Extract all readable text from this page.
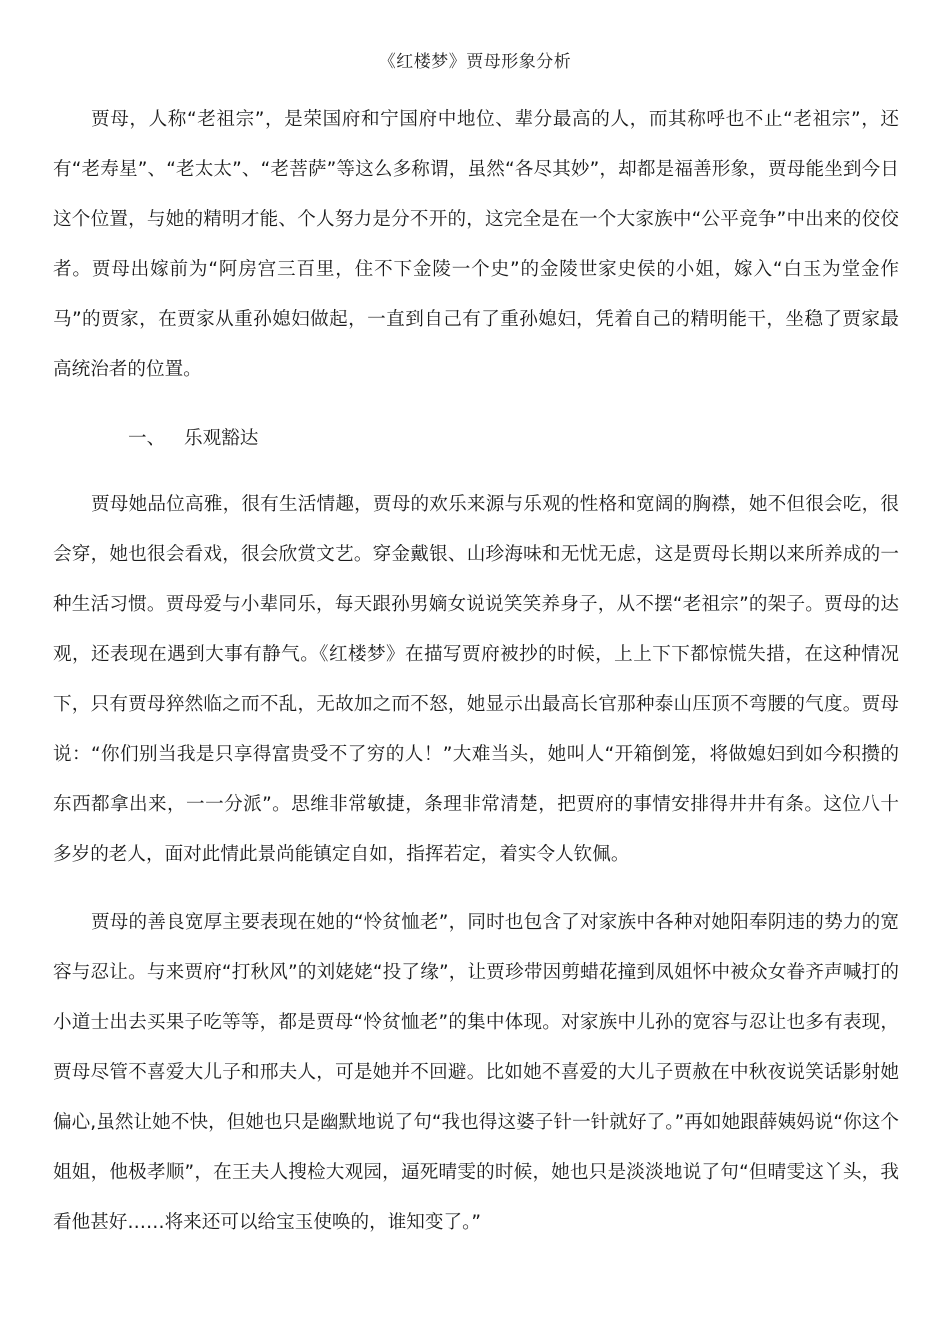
《红楼梦》贾母形象分析

贾母，人称“老祖宗”，是荣国府和宁国府中地位、辈分最高的人，而其称呼也不止“老祖宗”，还有“老寿星”、“老太太”、“老菩萨”等这么多称谓，虽然“各尽其妙”，却都是福善形象，贾母能坐到今日这个位置，与她的精明才能、个人努力是分不开的，这完全是在一个大家族中“公平竞争”中出来的佼佼者。贾母出嫁前为“阿房宫三百里，住不下金陵一个史”的金陵世家史侯的小姐，嫁入“白玉为堂金作马”的贾家，在贾家从重孙媳妇做起，一直到自己有了重孙媳妇，凭着自己的精明能干，坐稳了贾家最高统治者的位置。

一、 乐观豁达

贾母她品位高雅，很有生活情趣，贾母的欢乐来源与乐观的性格和宽阔的胸襟，她不但很会吃，很会穿，她也很会看戏，很会欣赏文艺。穿金戴银、山珍海味和无忧无虑，这是贾母长期以来所养成的一种生活习惯。贾母爱与小辈同乐，每天跟孙男嫡女说说笑笑养身子，从不摆“老祖宗”的架子。贾母的达观，还表现在遇到大事有静气。《红楼梦》在描写贾府被抄的时候，上上下下都惊慌失措，在这种情况下，只有贾母猝然临之而不乱，无故加之而不怒，她显示出最高长官那种泰山压顶不弯腰的气度。贾母说：“你们别当我是只享得富贵受不了穷的人！”大难当头，她叫人“开箱倒笼，将做媳妇到如今积攒的东西都拿出来，一一分派”。思维非常敏捷，条理非常清楚，把贾府的事情安排得井井有条。这位八十多岁的老人，面对此情此景尚能镇定自如，指挥若定，着实令人钦佩。

贾母的善良宽厚主要表现在她的“怜贫恤老”，同时也包含了对家族中各种对她阳奉阴违的势力的宽容与忍让。与来贾府“打秋风”的刘姥姥“投了缘”，让贾珍带因剪蜡花撞到凤姐怀中被众女眷齐声喊打的小道士出去买果子吃等等，都是贾母“怜贫恤老”的集中体现。对家族中儿孙的宽容与忍让也多有表现，贾母尽管不喜爱大儿子和邢夫人，可是她并不回避。比如她不喜爱的大儿子贾赦在中秋夜说笑话影射她偏心,虽然让她不快，但她也只是幽默地说了句“我也得这婆子针一针就好了。”再如她跟薛姨妈说“你这个姐姐，他极孝顺”，在王夫人搜检大观园，逼死晴雯的时候，她也只是淡淡地说了句“但晴雯这丫头，我看他甚好……将来还可以给宝玉使唤的，谁知变了。”
